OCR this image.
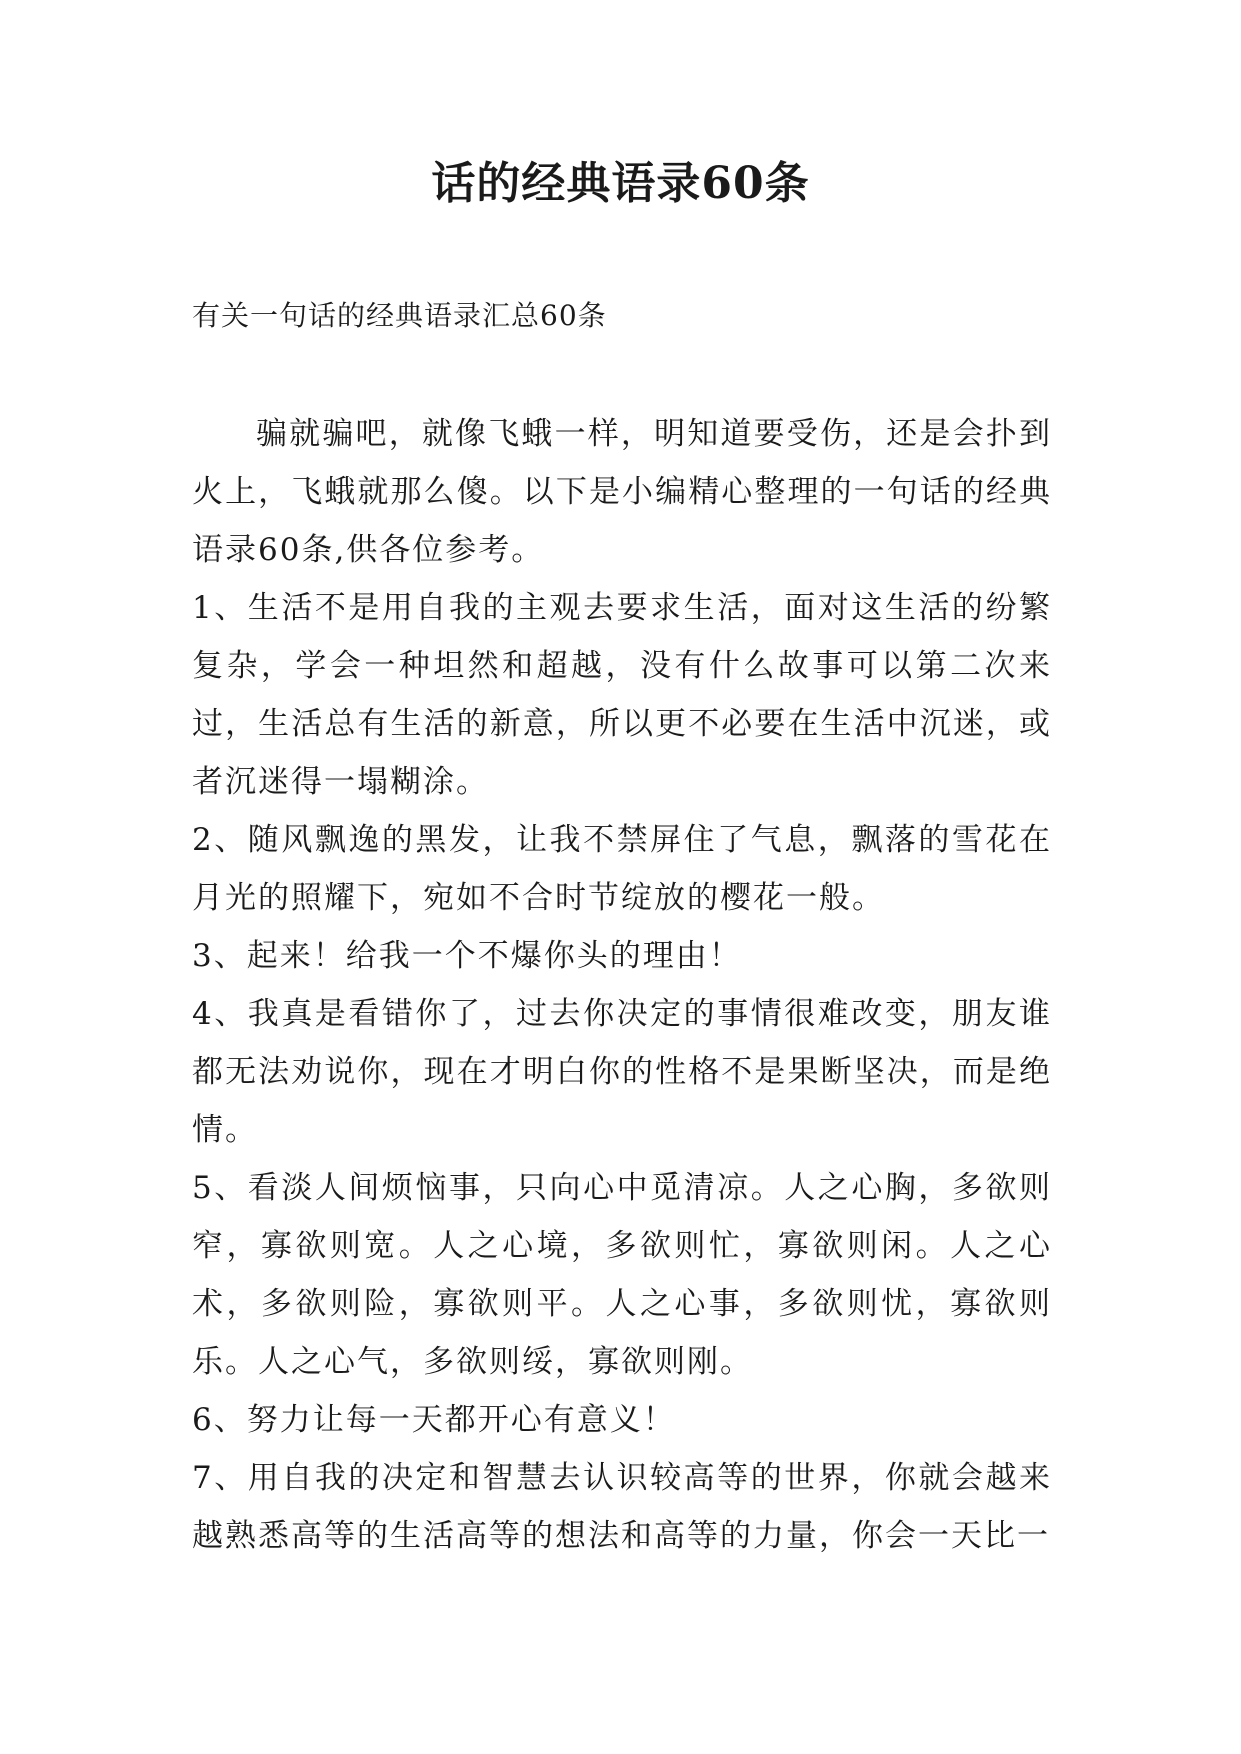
话的经典语录60条

有关一句话的经典语录汇总60条

骗就骗吧，就像飞蛾一样，明知道要受伤，还是会扑到火上，飞蛾就那么傻。以下是小编精心整理的一句话的经典语录60条,供各位参考。

1、生活不是用自我的主观去要求生活，面对这生活的纷繁复杂，学会一种坦然和超越，没有什么故事可以第二次来过，生活总有生活的新意，所以更不必要在生活中沉迷，或者沉迷得一塌糊涂。

2、随风飘逸的黑发，让我不禁屏住了气息，飘落的雪花在月光的照耀下，宛如不合时节绽放的樱花一般。

3、起来！给我一个不爆你头的理由！

4、我真是看错你了，过去你决定的事情很难改变，朋友谁都无法劝说你，现在才明白你的性格不是果断坚决，而是绝情。

5、看淡人间烦恼事，只向心中觅清凉。人之心胸，多欲则窄，寡欲则宽。人之心境，多欲则忙，寡欲则闲。人之心术，多欲则险，寡欲则平。人之心事，多欲则忧，寡欲则乐。人之心气，多欲则绥，寡欲则刚。

6、努力让每一天都开心有意义！

7、用自我的决定和智慧去认识较高等的世界，你就会越来越熟悉高等的生活高等的想法和高等的力量，你会一天比一
